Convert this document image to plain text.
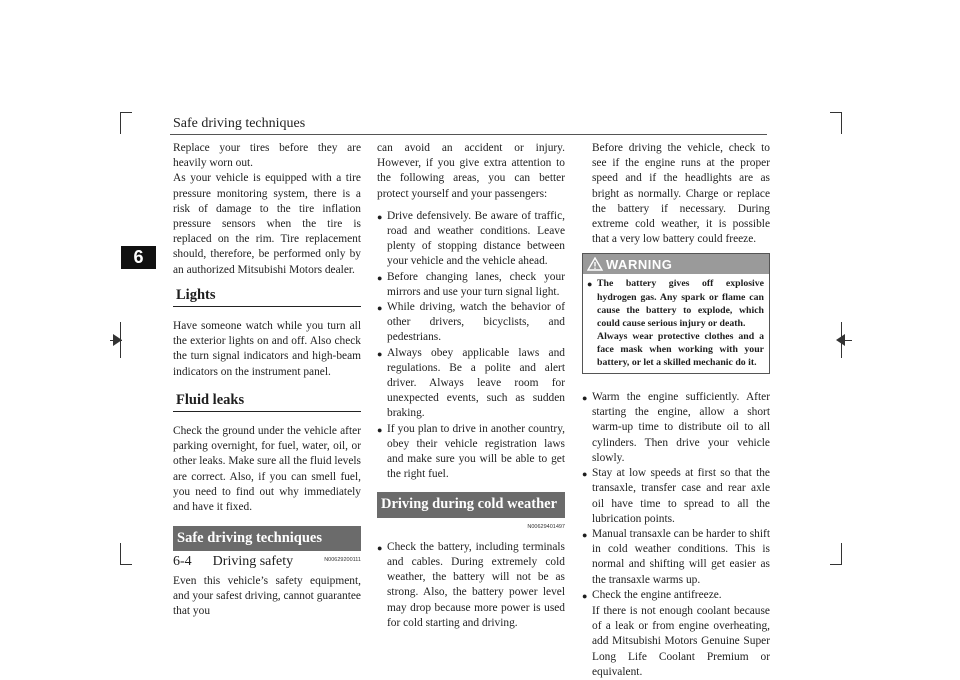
Safe driving techniques
6

Replace your tires before they are heavily worn out.

As your vehicle is equipped with a tire pressure monitoring system, there is a risk of damage to the tire inflation pressure sensors when the tire is replaced on the rim. Tire replacement should, therefore, be performed only by an authorized Mitsubishi Motors dealer.

Lights

Have someone watch while you turn all the exterior lights on and off. Also check the turn signal indicators and high-beam indicators on the instrument panel.

Fluid leaks

Check the ground under the vehicle after parking overnight, for fuel, water, oil, or other leaks. Make sure all the fluid levels are correct. Also, if you can smell fuel, you need to find out why immediately and have it fixed.

Safe driving techniques
N00629200111

Even this vehicle’s safety equipment, and your safest driving, cannot guarantee that you

can avoid an accident or injury. However, if you give extra attention to the following areas, you can better protect yourself and your passengers:

● Drive defensively. Be aware of traffic, road and weather conditions. Leave plenty of stopping distance between your vehicle and the vehicle ahead.
● Before changing lanes, check your mirrors and use your turn signal light.
● While driving, watch the behavior of other drivers, bicyclists, and pedestrians.
● Always obey applicable laws and regulations. Be a polite and alert driver. Always leave room for unexpected events, such as sudden braking.
● If you plan to drive in another country, obey their vehicle registration laws and make sure you will be able to get the right fuel.
Driving during cold weather
N00629401497
● Check the battery, including terminals and cables. During extremely cold weather, the battery will not be as strong. Also, the battery power level may drop because more power is used for cold starting and driving.

Before driving the vehicle, check to see if the engine runs at the proper speed and if the headlights are as bright as normally. Charge or replace the battery if necessary. During extreme cold weather, it is possible that a very low battery could freeze.

WARNING
● The battery gives off explosive hydrogen gas. Any spark or flame can cause the battery to explode, which could cause serious injury or death.
Always wear protective clothes and a face mask when working with your battery, or let a skilled mechanic do it.
● Warm the engine sufficiently. After starting the engine, allow a short warm-up time to distribute oil to all cylinders. Then drive your vehicle slowly.
● Stay at low speeds at first so that the transaxle, transfer case and rear axle oil have time to spread to all the lubrication points.
● Manual transaxle can be harder to shift in cold weather conditions. This is normal and shifting will get easier as the transaxle warms up.
● Check the engine antifreeze.

If there is not enough coolant because of a leak or from engine overheating, add Mitsubishi Motors Genuine Super Long Life Coolant Premium or equivalent.

6-4 Driving safety
